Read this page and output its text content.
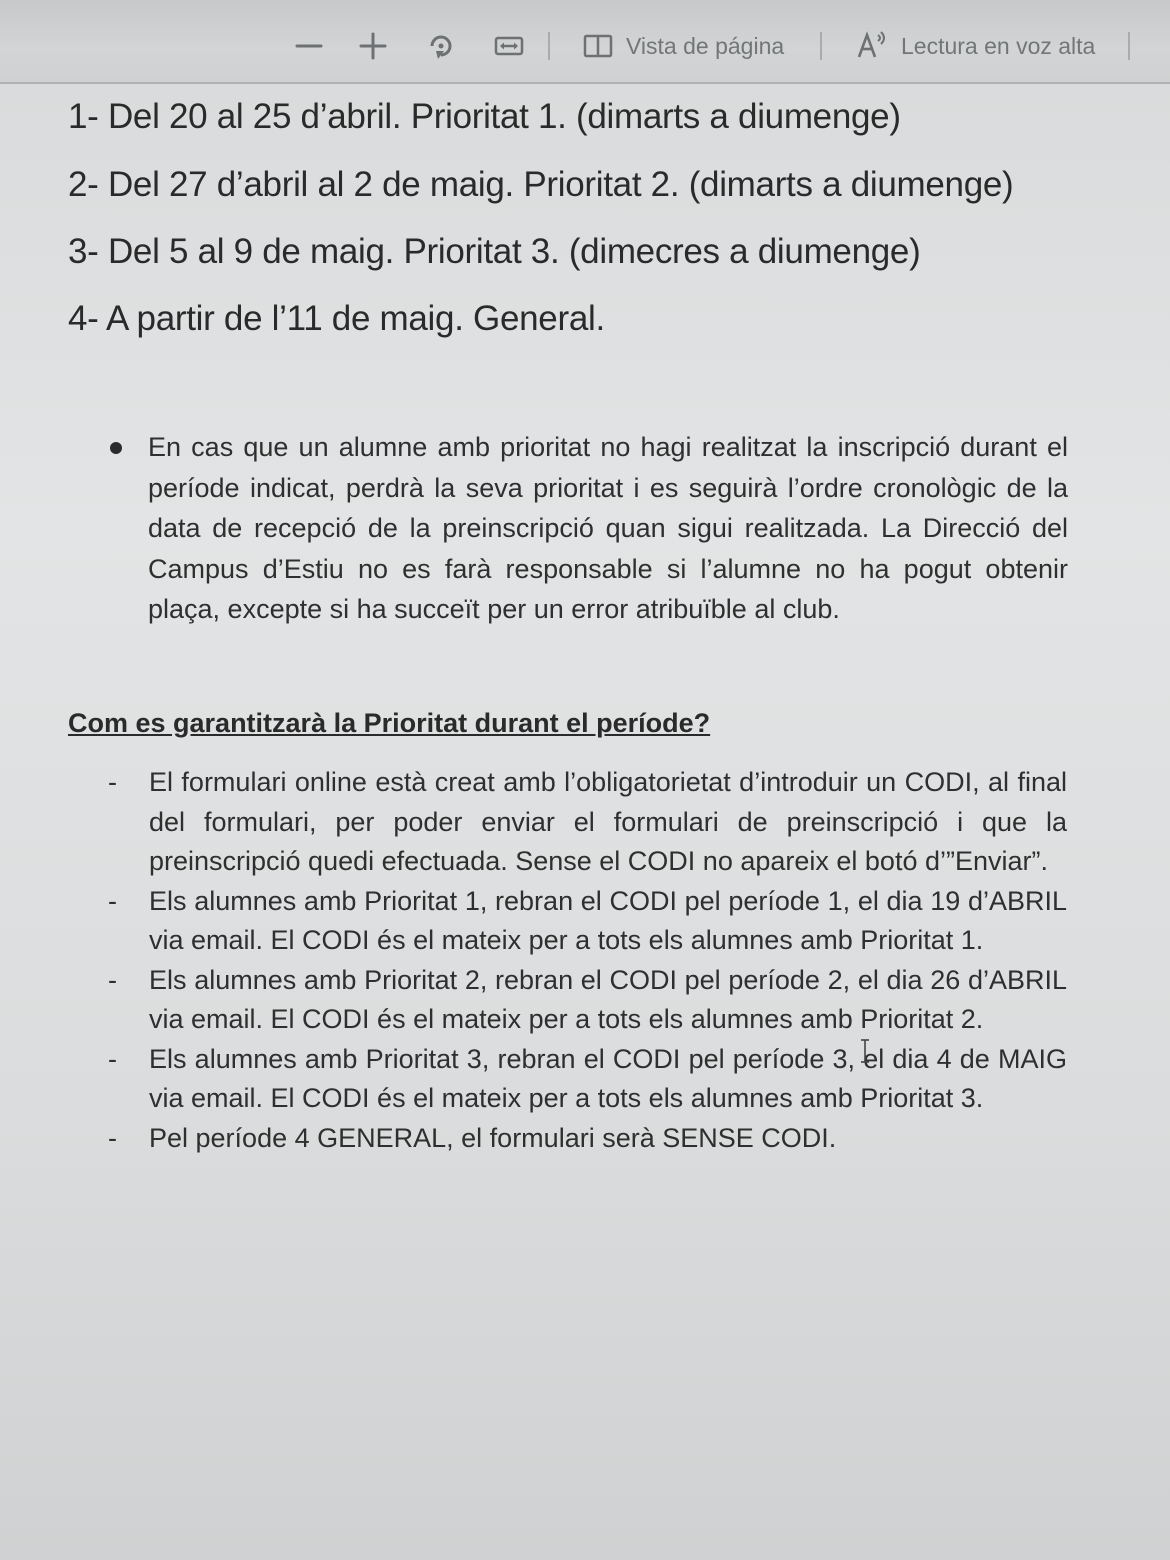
Vista de página	Lectura en voz alta
1- Del 20 al 25 d’abril. Prioritat 1. (dimarts a diumenge)
2- Del 27 d’abril al 2 de maig. Prioritat 2. (dimarts a diumenge)
3- Del 5 al 9 de maig. Prioritat 3. (dimecres a diumenge)
4- A partir de l’11 de maig. General.
En cas que un alumne amb prioritat no hagi realitzat la inscripció durant el període indicat, perdrà la seva prioritat i es seguirà l’ordre cronològic de la data de recepció de la preinscripció quan sigui realitzada. La Direcció del Campus d’Estiu no es farà responsable si l’alumne no ha pogut obtenir plaça, excepte si ha succeït per un error atribuïble al club.
Com es garantitzarà la Prioritat durant el període?
- El formulari online està creat amb l’obligatorietat d’introduir un CODI, al final del formulari, per poder enviar el formulari de preinscripció i que la preinscripció quedi efectuada. Sense el CODI no apareix el botó d’”Enviar”.
- Els alumnes amb Prioritat 1, rebran el CODI pel període 1, el dia 19 d’ABRIL via email. El CODI és el mateix per a tots els alumnes amb Prioritat 1.
- Els alumnes amb Prioritat 2, rebran el CODI pel període 2, el dia 26 d’ABRIL via email. El CODI és el mateix per a tots els alumnes amb Prioritat 2.
- Els alumnes amb Prioritat 3, rebran el CODI pel període 3, el dia 4 de MAIG via email. El CODI és el mateix per a tots els alumnes amb Prioritat 3.
- Pel període 4 GENERAL, el formulari serà SENSE CODI.
